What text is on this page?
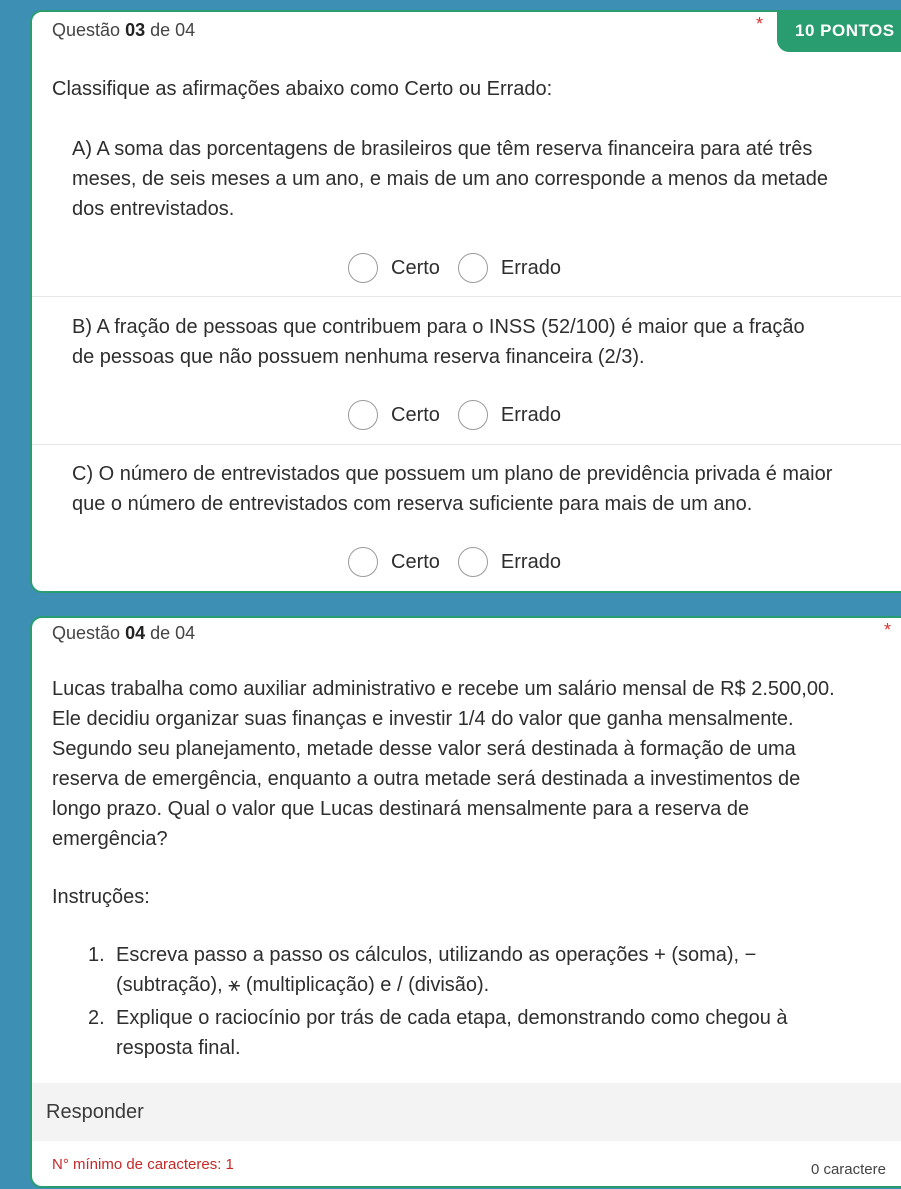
Questão 03 de 04	*	10 PONTOS
Classifique as afirmações abaixo como Certo ou Errado:
A) A soma das porcentagens de brasileiros que têm reserva financeira para até três
meses, de seis meses a um ano, e mais de um ano corresponde a menos da metade
dos entrevistados.
Certo	Errado
B) A fração de pessoas que contribuem para o INSS (52/100) é maior que a fração
de pessoas que não possuem nenhuma reserva financeira (2/3).
Certo	Errado
C) O número de entrevistados que possuem um plano de previdência privada é maior
que o número de entrevistados com reserva suficiente para mais de um ano.
Certo	Errado
Questão 04 de 04	*
Lucas trabalha como auxiliar administrativo e recebe um salário mensal de R$ 2.500,00.
Ele decidiu organizar suas finanças e investir 1/4 do valor que ganha mensalmente.
Segundo seu planejamento, metade desse valor será destinada à formação de uma
reserva de emergência, enquanto a outra metade será destinada a investimentos de
longo prazo. Qual o valor que Lucas destinará mensalmente para a reserva de
emergência?
Instruções:
1. Escreva passo a passo os cálculos, utilizando as operações + (soma), −
(subtração), ⚹ (multiplicação) e / (divisão).
2. Explique o raciocínio por trás de cada etapa, demonstrando como chegou à
resposta final.
Responder
N° mínimo de caracteres: 1	0 caractere
